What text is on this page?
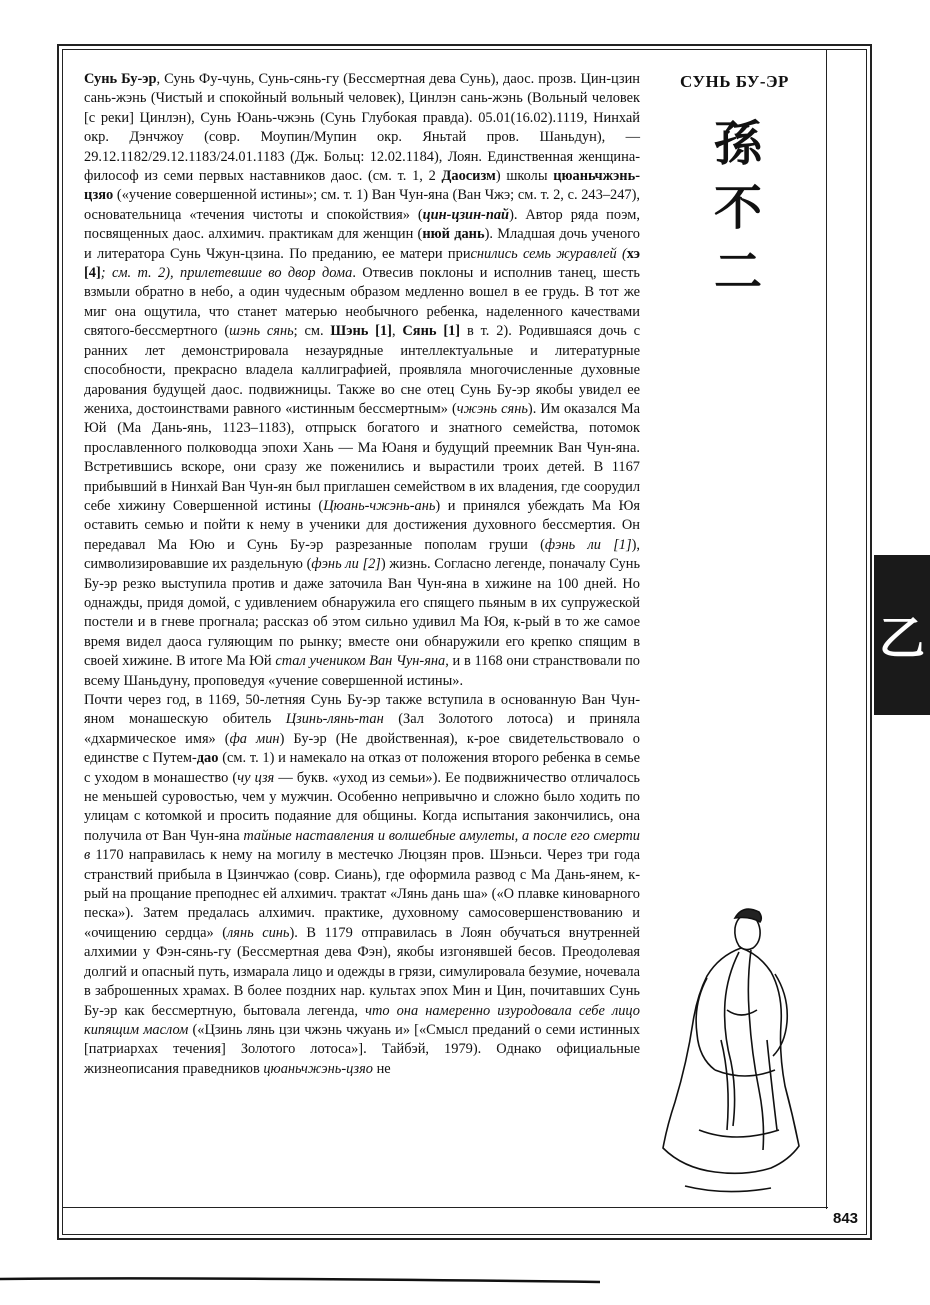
Сунь Бу-эр, Сунь Фу-чунь, Сунь-сянь-гу (Бессмертная дева Сунь), даос. прозв. Цин-цзин сань-жэнь (Чистый и спокойный вольный человек), Цинлэн сань-жэнь (Вольный человек [с реки] Цинлэн), Сунь Юань-чжэнь (Сунь Глубокая правда). 05.01(16.02).1119, Нинхай окр. Дэнчжоу (совр. Моупин/Мупин окр. Яньтай пров. Шаньдун), — 29.12.1182/29.12.1183/24.01.1183 (Дж. Больц: 12.02.1184), Лоян. Единственная женщина-философ из семи первых наставников даос. (см. т. 1, 2 Даосизм) школы цюаньчжэнь-цзяо («учение совершенной истины»; см. т. 1) Ван Чун-яна (Ван Чжэ; см. т. 2, с. 243–247), основательница «течения чистоты и спокойствия» (цин-цзин-пай). Автор ряда поэм, посвященных даос. алхимич. практикам для женщин (нюй дань). Младшая дочь ученого и литератора Сунь Чжун-цзина. По преданию, ее матери приснились семь журавлей (хэ [4]; см. т. 2), прилетевшие во двор дома. Отвесив поклоны и исполнив танец, шесть взмыли обратно в небо, а один чудесным образом медленно вошел в ее грудь. В тот же миг она ощутила, что станет матерью необычного ребенка, наделенного качествами святого-бессмертного (шэнь сянь; см. Шэнь [1], Сянь [1] в т. 2). Родившаяся дочь с ранних лет демонстрировала незаурядные интеллектуальные и литературные способности, прекрасно владела каллиграфией, проявляла многочисленные духовные дарования будущей даос. подвижницы. Также во сне отец Сунь Бу-эр якобы увидел ее жениха, достоинствами равного «истинным бессмертным» (чжэнь сянь). Им оказался Ма Юй (Ма Дань-янь, 1123–1183), отпрыск богатого и знатного семейства, потомок прославленного полководца эпохи Хань — Ма Юаня и будущий преемник Ван Чун-яна. Встретившись вскоре, они сразу же поженились и вырастили троих детей. В 1167 прибывший в Нинхай Ван Чун-ян был приглашен семейством в их владения, где соорудил себе хижину Совершенной истины (Цюань-чжэнь-ань) и принялся убеждать Ма Юя оставить семью и пойти к нему в ученики для достижения духовного бессмертия. Он передавал Ма Юю и Сунь Бу-эр разрезанные пополам груши (фэнь ли [1]), символизировавшие их раздельную (фэнь ли [2]) жизнь. Согласно легенде, поначалу Сунь Бу-эр резко выступила против и даже заточила Ван Чун-яна в хижине на 100 дней. Но однажды, придя домой, с удивлением обнаружила его спящего пьяным в их супружеской постели и в гневе прогнала; рассказ об этом сильно удивил Ма Юя, к-рый в то же самое время видел даоса гуляющим по рынку; вместе они обнаружили его крепко спящим в своей хижине. В итоге Ма Юй стал учеником Ван Чун-яна, и в 1168 они странствовали по всему Шаньдуну, проповедуя «учение совершенной истины».

Почти через год, в 1169, 50-летняя Сунь Бу-эр также вступила в основанную Ван Чун-яном монашескую обитель Цзинь-лянь-тан (Зал Золотого лотоса) и приняла «дхармическое имя» (фа мин) Бу-эр (Не двойственная), к-рое свидетельствовало о единстве с Путем-дао (см. т. 1) и намекало на отказ от положения второго ребенка в семье с уходом в монашество (чу цзя — букв. «уход из семьи»). Ее подвижничество отличалось не меньшей суровостью, чем у мужчин. Особенно непривычно и сложно было ходить по улицам с котомкой и просить подаяние для общины. Когда испытания закончились, она получила от Ван Чун-яна тайные наставления и волшебные амулеты, а после его смерти в 1170 направилась к нему на могилу в местечко Люцзян пров. Шэньси. Через три года странствий прибыла в Цзинчжао (совр. Сиань), где оформила развод с Ма Дань-янем, к-рый на прощание преподнес ей алхимич. трактат «Лянь дань ша» («О плавке киноварного песка»). Затем предалась алхимич. практике, духовному самосовершенствованию и «очищению сердца» (лянь синь). В 1179 отправилась в Лоян обучаться внутренней алхимии у Фэн-сянь-гу (Бессмертная дева Фэн), якобы изгонявшей бесов. Преодолевая долгий и опасный путь, измарала лицо и одежды в грязи, симулировала безумие, ночевала в заброшенных храмах. В более поздних нар. культах эпох Мин и Цин, почитавших Сунь Бу-эр как бессмертную, бытовала легенда, что она намеренно изуродовала себе лицо кипящим маслом («Цзинь лянь цзи чжэнь чжуань и» [«Смысл преданий о семи истинных [патриархах течения] Золотого лотоса»]. Тайбэй, 1979). Однако официальные жизнеописания праведников цюаньчжэнь-цзяо не

СУНЬ БУ-ЭР
孫
不
二
乙
843
